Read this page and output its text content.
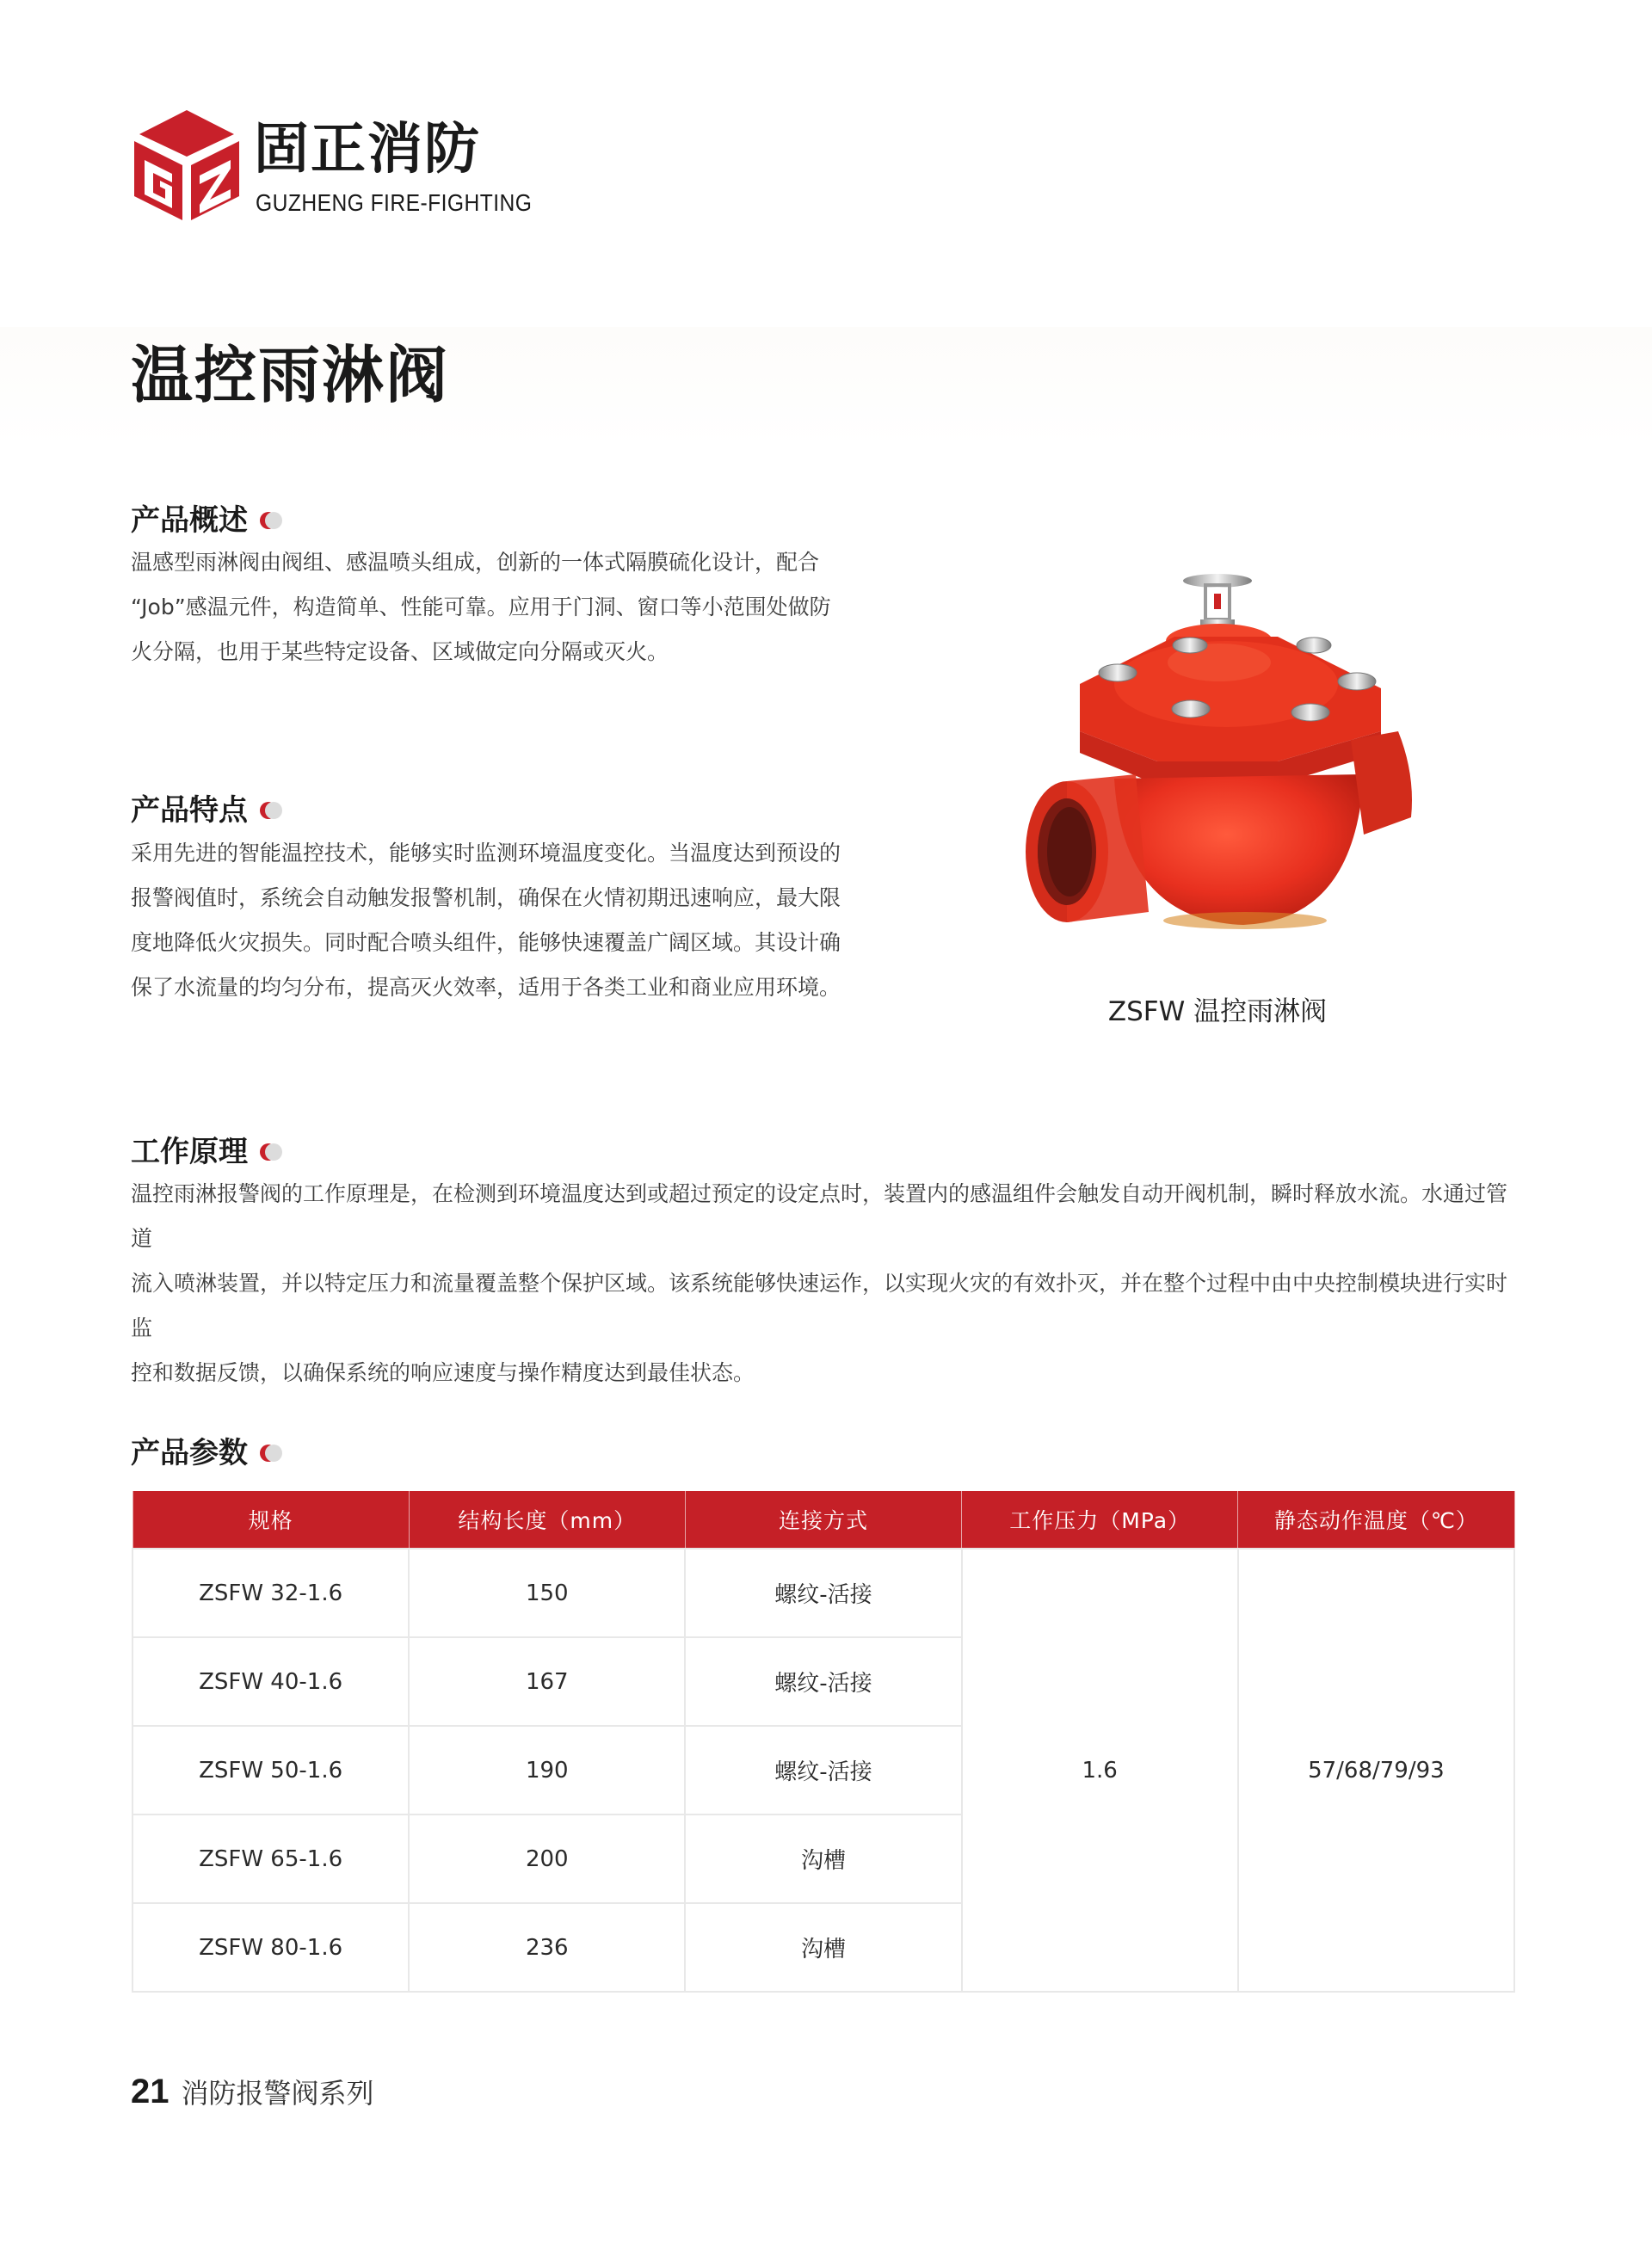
固正消防
GUZHENG FIRE-FIGHTING
温控雨淋阀
产品概述
温感型雨淋阀由阀组、感温喷头组成，创新的一体式隔膜硫化设计，配合
“Job”感温元件，构造简单、性能可靠。应用于门洞、窗口等小范围处做防
火分隔，也用于某些特定设备、区域做定向分隔或灭火。
产品特点
采用先进的智能温控技术，能够实时监测环境温度变化。当温度达到预设的
报警阀值时，系统会自动触发报警机制，确保在火情初期迅速响应，最大限
度地降低火灾损失。同时配合喷头组件，能够快速覆盖广阔区域。其设计确
保了水流量的均匀分布，提高灭火效率，适用于各类工业和商业应用环境。
ZSFW 温控雨淋阀
工作原理
温控雨淋报警阀的工作原理是，在检测到环境温度达到或超过预定的设定点时，装置内的感温组件会触发自动开阀机制，瞬时释放水流。水通过管道
流入喷淋装置，并以特定压力和流量覆盖整个保护区域。该系统能够快速运作，以实现火灾的有效扑灭，并在整个过程中由中央控制模块进行实时监
控和数据反馈，以确保系统的响应速度与操作精度达到最佳状态。
产品参数
规格	结构长度（mm）	连接方式	工作压力（MPa）	静态动作温度（℃）
ZSFW 32-1.6	150	螺纹-活接	1.6	57/68/79/93
ZSFW 40-1.6	167	螺纹-活接		
ZSFW 50-1.6	190	螺纹-活接		
ZSFW 65-1.6	200	沟槽		
ZSFW 80-1.6	236	沟槽		
21 消防报警阀系列
